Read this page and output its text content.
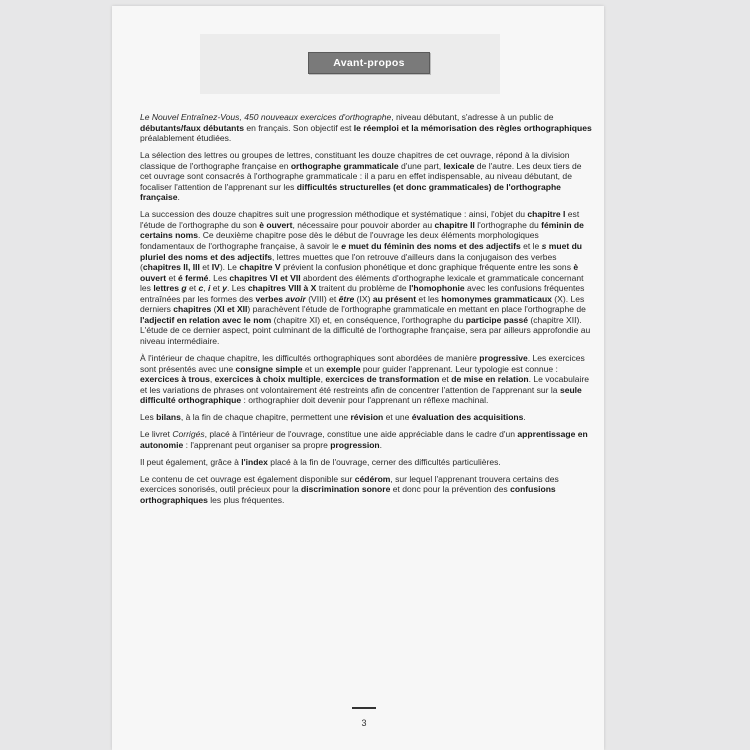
Avant-propos

Le Nouvel Entraînez-Vous, 450 nouveaux exercices d'orthographe, niveau débutant, s'adresse à un public de débutants/faux débutants en français. Son objectif est le réemploi et la mémorisation des règles orthographiques préalablement étudiées.

La sélection des lettres ou groupes de lettres, constituant les douze chapitres de cet ouvrage, répond à la division classique de l'orthographe française en orthographe grammaticale d'une part, lexicale de l'autre. Les deux tiers de cet ouvrage sont consacrés à l'orthographe grammaticale : il a paru en effet indispensable, au niveau débutant, de focaliser l'attention de l'apprenant sur les difficultés structurelles (et donc grammaticales) de l'orthographe française.

La succession des douze chapitres suit une progression méthodique et systématique : ainsi, l'objet du chapitre I est l'étude de l'orthographe du son è ouvert, nécessaire pour pouvoir aborder au chapitre II l'orthographe du féminin de certains noms. Ce deuxième chapitre pose dès le début de l'ouvrage les deux éléments morphologiques fondamentaux de l'orthographe française, à savoir le e muet du féminin des noms et des adjectifs et le s muet du pluriel des noms et des adjectifs, lettres muettes que l'on retrouve d'ailleurs dans la conjugaison des verbes (chapitres II, III et IV). Le chapitre V prévient la confusion phonétique et donc graphique fréquente entre les sons è ouvert et é fermé. Les chapitres VI et VII abordent des éléments d'orthographe lexicale et grammaticale concernant les lettres g et c, i et y. Les chapitres VIII à X traitent du problème de l'homophonie avec les confusions fréquentes entraînées par les formes des verbes avoir (VIII) et être (IX) au présent et les homonymes grammaticaux (X). Les derniers chapitres (XI et XII) parachèvent l'étude de l'orthographe grammaticale en mettant en place l'orthographe de l'adjectif en relation avec le nom (chapitre XI) et, en conséquence, l'orthographe du participe passé (chapitre XII). L'étude de ce dernier aspect, point culminant de la difficulté de l'orthographe française, sera par ailleurs approfondie au niveau intermédiaire.

À l'intérieur de chaque chapitre, les difficultés orthographiques sont abordées de manière progressive. Les exercices sont présentés avec une consigne simple et un exemple pour guider l'apprenant. Leur typologie est connue : exercices à trous, exercices à choix multiple, exercices de transformation et de mise en relation. Le vocabulaire et les variations de phrases ont volontairement été restreints afin de concentrer l'attention de l'apprenant sur la seule difficulté orthographique : orthographier doit devenir pour l'apprenant un réflexe machinal.

Les bilans, à la fin de chaque chapitre, permettent une révision et une évaluation des acquisitions.

Le livret Corrigés, placé à l'intérieur de l'ouvrage, constitue une aide appréciable dans le cadre d'un apprentissage en autonomie : l'apprenant peut organiser sa propre progression.

Il peut également, grâce à l'index placé à la fin de l'ouvrage, cerner des difficultés particulières.

Le contenu de cet ouvrage est également disponible sur cédérom, sur lequel l'apprenant trouvera certains des exercices sonorisés, outil précieux pour la discrimination sonore et donc pour la prévention des confusions orthographiques les plus fréquentes.

3
